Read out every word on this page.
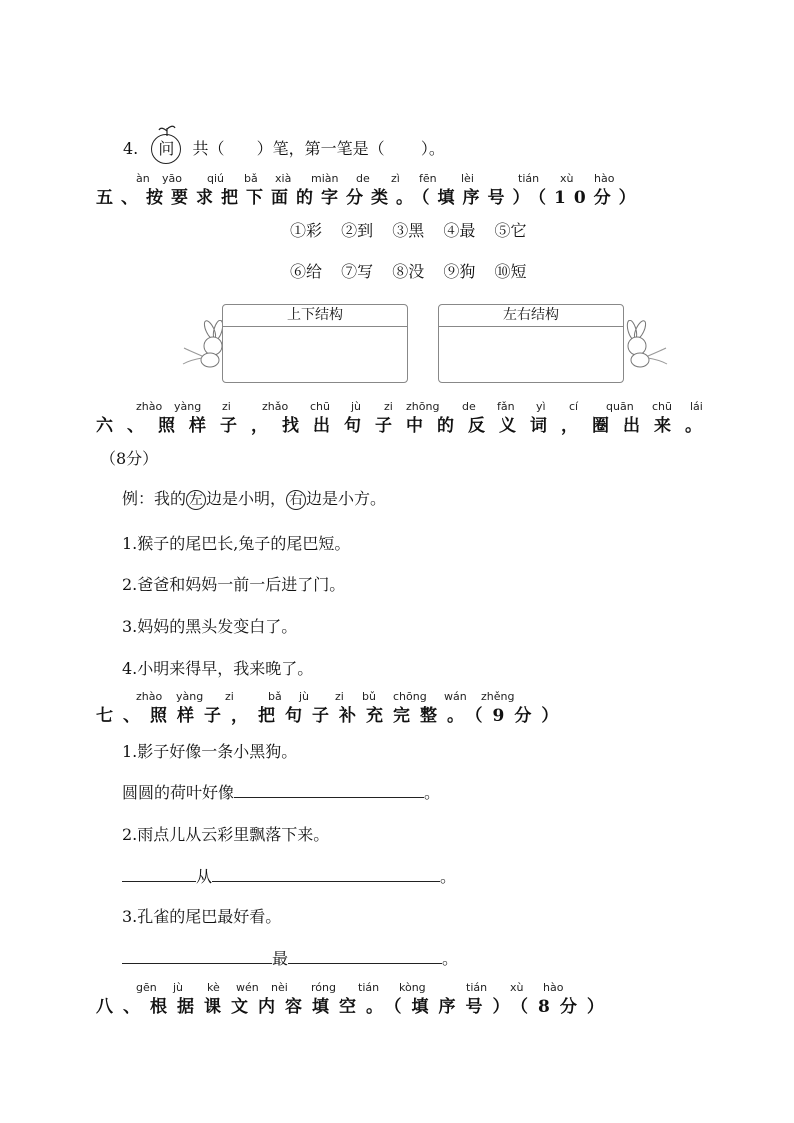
4. 问 共（ ）笔，第一笔是（ ）。
àn yāo qiú bǎ xià miàn de zì fēn lèi	tián xù hào
五、按要求把下面的字分类。（填序号）（10分）
①彩 ②到 ③黑 ④最 ⑤它
⑥给 ⑦写 ⑧没 ⑨狗 ⑩短
上下结构	左右结构
zhào yàng zi	zhǎo chū jù zi zhōng de fǎn yì cí	quān chū lái
六、照样子，找出句子中的反义词，圈出来。
（8分）
例：我的 左 边是小明， 右 边是小方。
1.猴子的尾巴长,兔子的尾巴短。
2.爸爸和妈妈一前一后进了门。
3.妈妈的黑头发变白了。
4.小明来得早，我来晚了。
zhào yàng zi	bǎ jù zi bǔ chōng wán zhěng
七、照样子，把句子补充完整。（9分）
1.影子好像一条小黑狗。
圆圆的荷叶好像	。
2.雨点儿从云彩里飘落下来。
从	。
3.孔雀的尾巴最好看。
最	。
gēn jù kè wén nèi róng tián kòng	tián xù hào
八、根据课文内容填空。（填序号）（8分）
